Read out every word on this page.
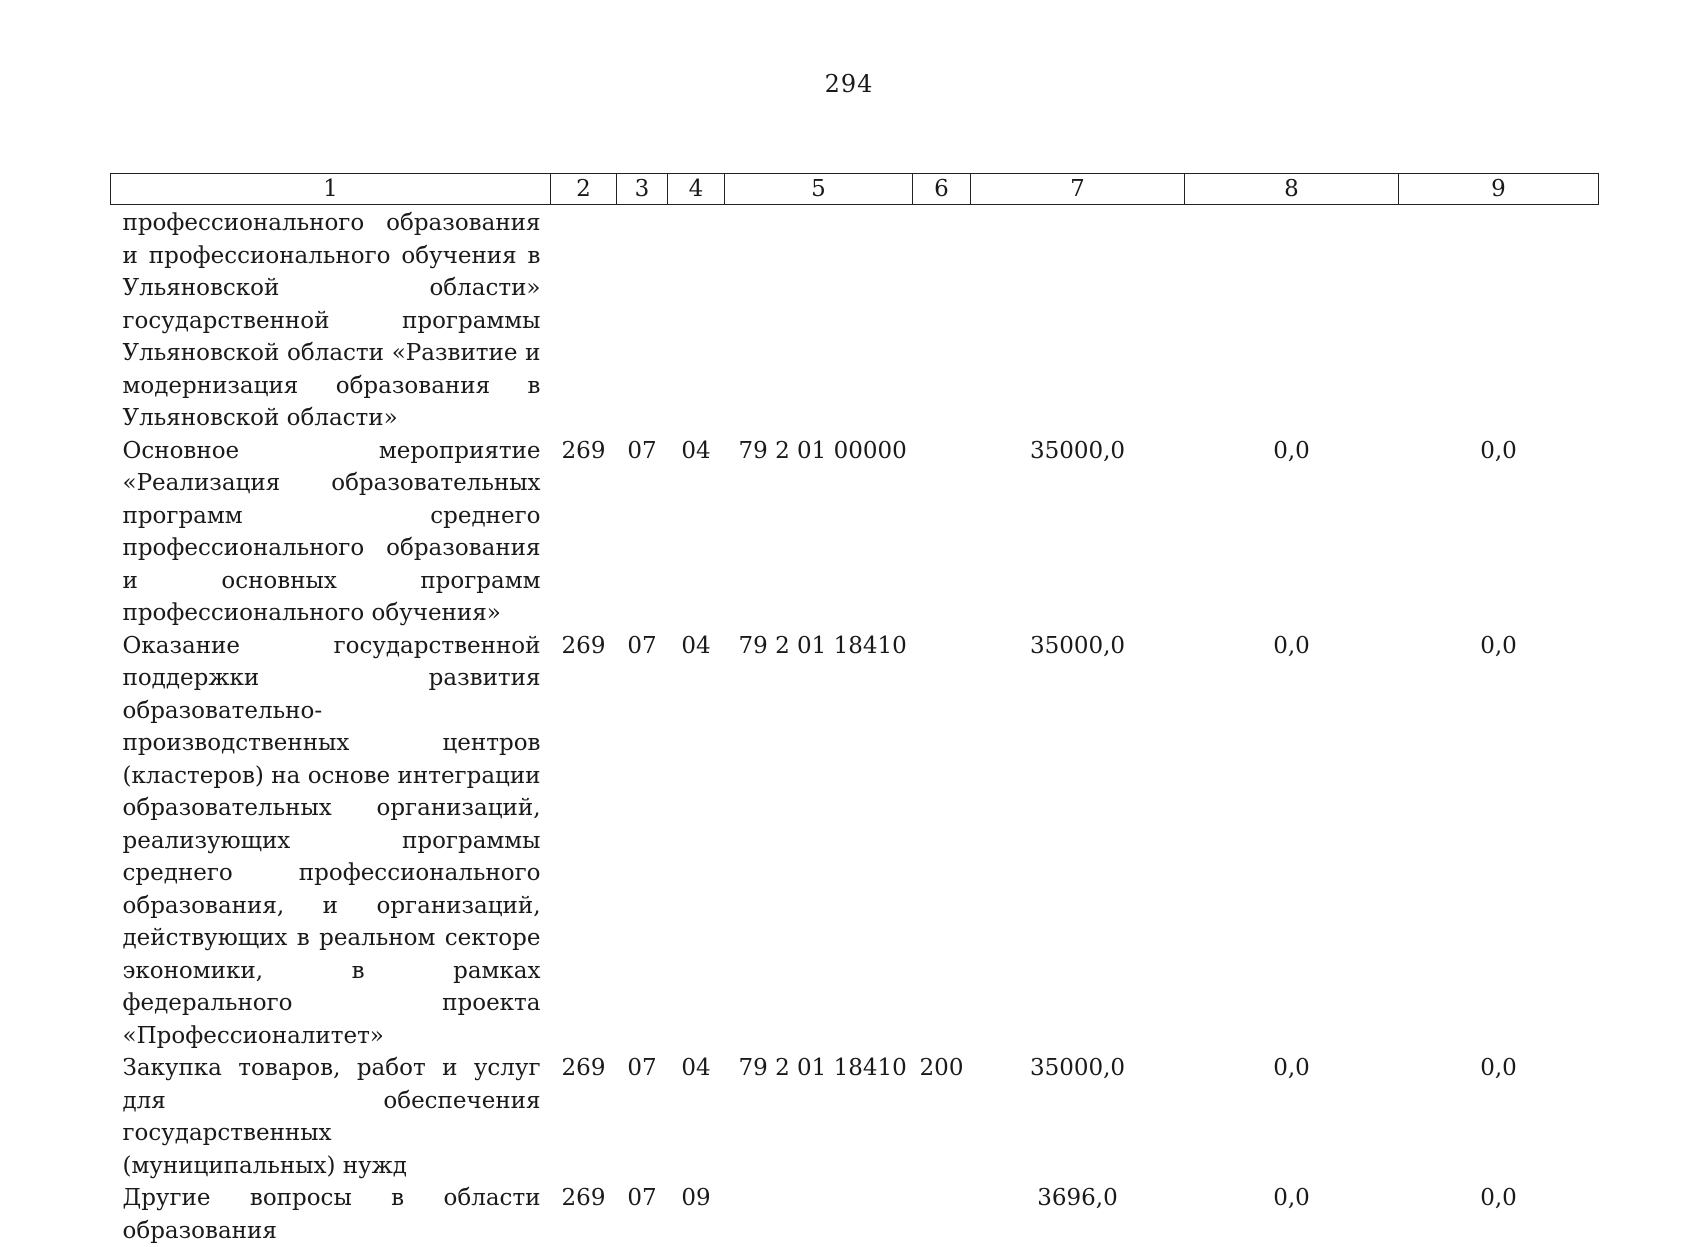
294
1	2	3	4	5	6	7	8	9
профессионального образования и профессионального обучения в Ульяновской области» государственной программы Ульяновской области «Развитие и модернизация образования в Ульяновской области»								
Основное мероприятие «Реализация образовательных программ среднего профессионального образования и основных программ профессионального обучения»	269	07	04	79 2 01 00000		35000,0	0,0	0,0
Оказание государственной поддержки развития образовательно-производственных центров (кластеров) на основе интеграции образовательных организаций, реализующих программы среднего профессионального образования, и организаций, действующих в реальном секторе экономики, в рамках федерального проекта «Профессионалитет»	269	07	04	79 2 01 18410		35000,0	0,0	0,0
Закупка товаров, работ и услуг для обеспечения государственных (муниципальных) нужд	269	07	04	79 2 01 18410	200	35000,0	0,0	0,0
Другие вопросы в области образования	269	07	09			3696,0	0,0	0,0
